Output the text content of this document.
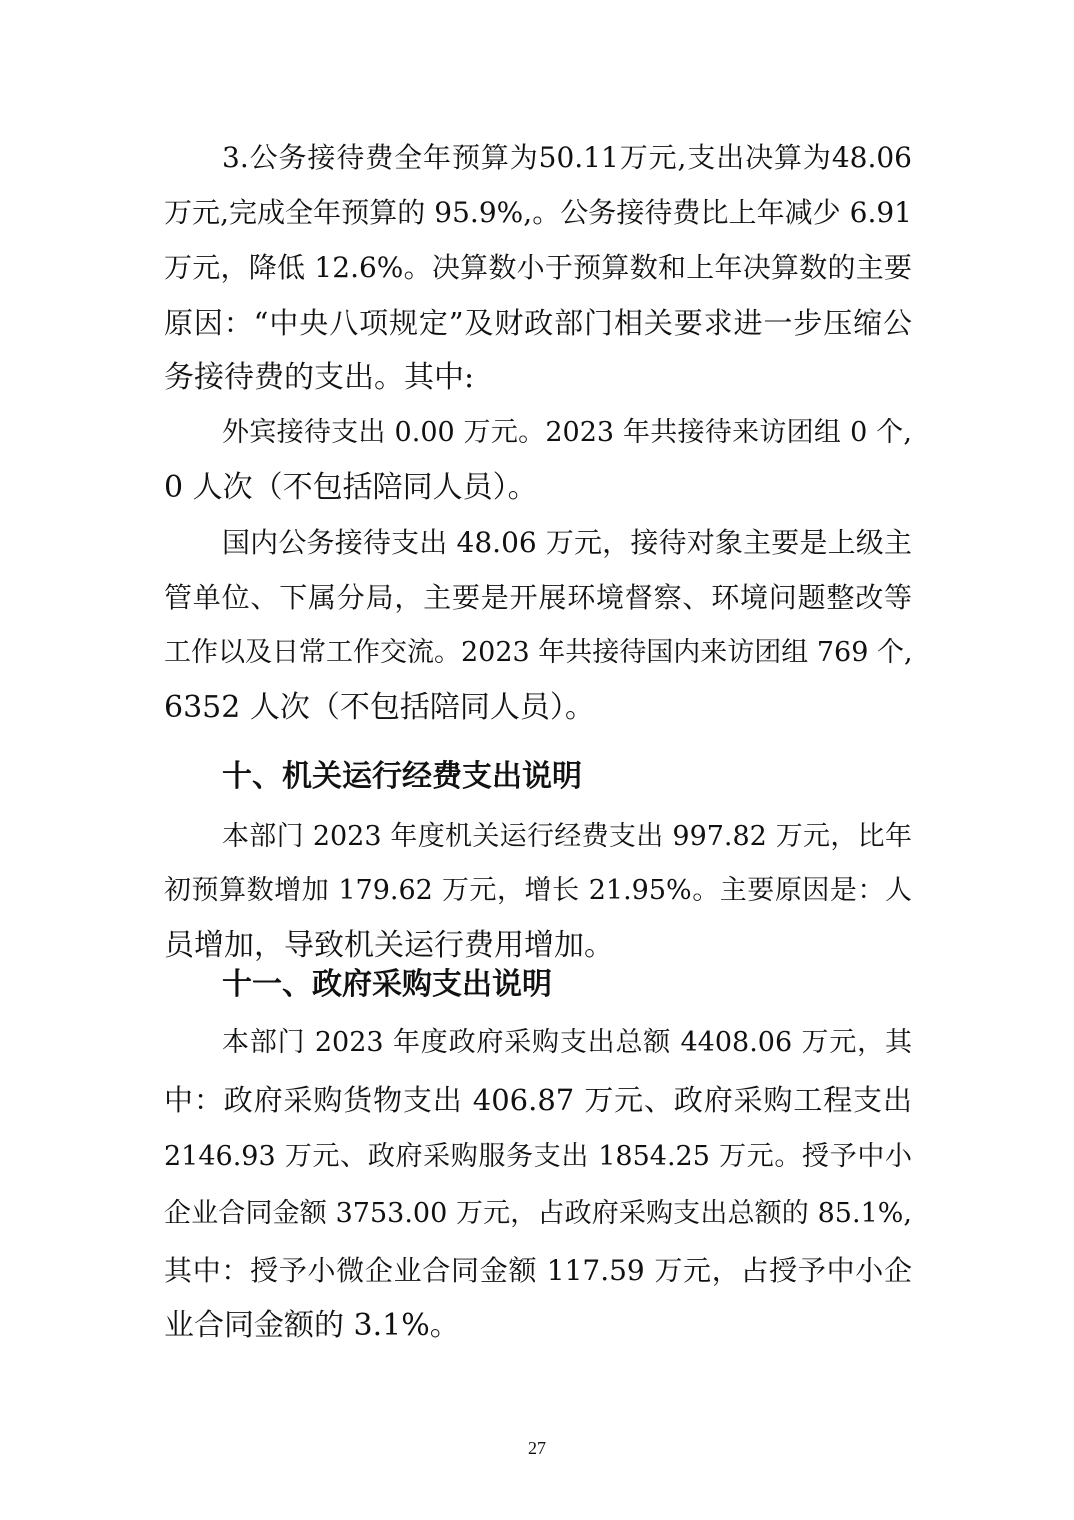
3.公务接待费全年预算为50.11万元,支出决算为48.06
万元,完成全年预算的 95.9%,。公务接待费比上年减少 6.91
万元，降低 12.6%。决算数小于预算数和上年决算数的主要
原因：“中央八项规定”及财政部门相关要求进一步压缩公
务接待费的支出。其中:
外宾接待支出 0.00 万元。2023 年共接待来访团组 0 个,
0 人次（不包括陪同人员）。
国内公务接待支出 48.06 万元，接待对象主要是上级主
管单位、下属分局，主要是开展环境督察、环境问题整改等
工作以及日常工作交流。2023 年共接待国内来访团组 769 个,
6352 人次（不包括陪同人员）。
十、机关运行经费支出说明
本部门 2023 年度机关运行经费支出 997.82 万元，比年
初预算数增加 179.62 万元，增长 21.95%。主要原因是：人
员增加，导致机关运行费用增加。
十一、政府采购支出说明
本部门 2023 年度政府采购支出总额 4408.06 万元，其
中：政府采购货物支出 406.87 万元、政府采购工程支出
2146.93 万元、政府采购服务支出 1854.25 万元。授予中小
企业合同金额 3753.00 万元，占政府采购支出总额的 85.1%,
其中：授予小微企业合同金额 117.59 万元，占授予中小企
业合同金额的 3.1%。
27
